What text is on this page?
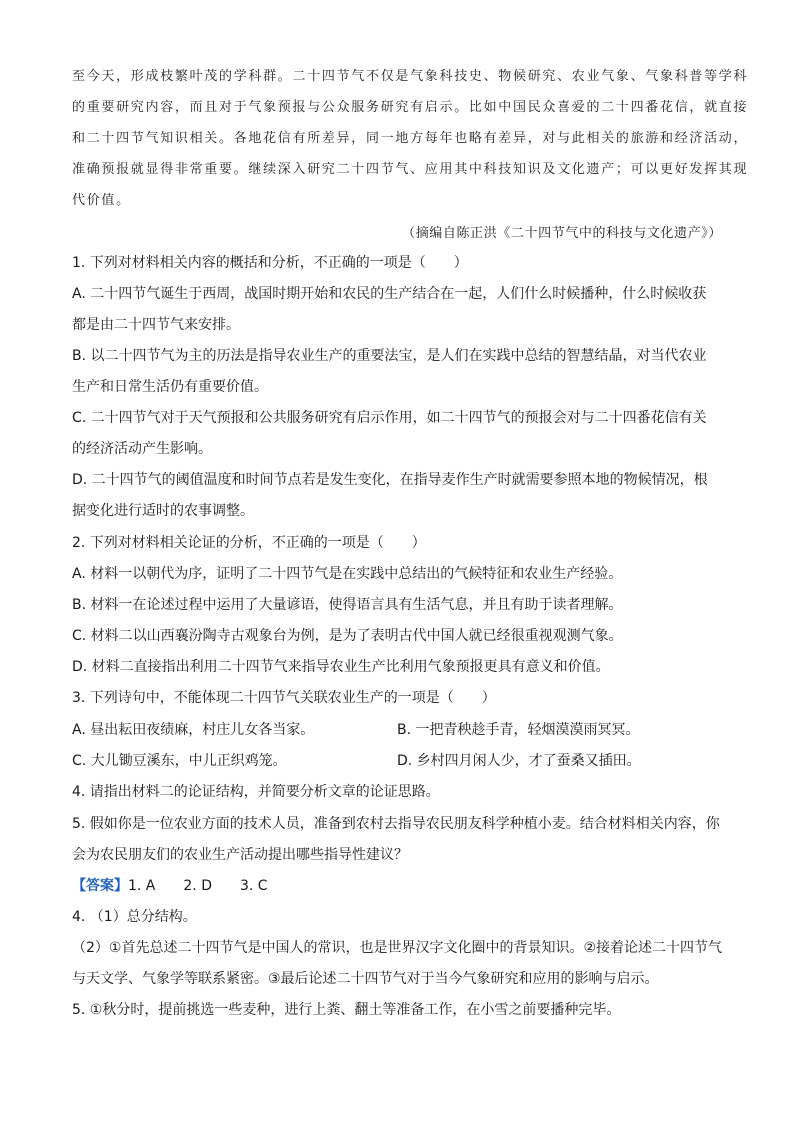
至今天，形成枝繁叶茂的学科群。二十四节气不仅是气象科技史、物候研究、农业气象、气象科普等学科
的重要研究内容，而且对于气象预报与公众服务研究有启示。比如中国民众喜爱的二十四番花信，就直接
和二十四节气知识相关。各地花信有所差异，同一地方每年也略有差异，对与此相关的旅游和经济活动，
准确预报就显得非常重要。继续深入研究二十四节气、应用其中科技知识及文化遗产；可以更好发挥其现
代价值。
（摘编自陈正洪《二十四节气中的科技与文化遗产》）
1. 下列对材料相关内容的概括和分析，不正确的一项是（　　）
A. 二十四节气诞生于西周，战国时期开始和农民的生产结合在一起，人们什么时候播种，什么时候收获
都是由二十四节气来安排。
B. 以二十四节气为主的历法是指导农业生产的重要法宝，是人们在实践中总结的智慧结晶，对当代农业
生产和日常生活仍有重要价值。
C. 二十四节气对于天气预报和公共服务研究有启示作用，如二十四节气的预报会对与二十四番花信有关
的经济活动产生影响。
D. 二十四节气的阈值温度和时间节点若是发生变化，在指导麦作生产时就需要参照本地的物候情况，根
据变化进行适时的农事调整。
2. 下列对材料相关论证的分析，不正确的一项是（　　）
A. 材料一以朝代为序，证明了二十四节气是在实践中总结出的气候特征和农业生产经验。
B. 材料一在论述过程中运用了大量谚语，使得语言具有生活气息，并且有助于读者理解。
C. 材料二以山西襄汾陶寺古观象台为例，是为了表明古代中国人就已经很重视观测气象。
D. 材料二直接指出利用二十四节气来指导农业生产比利用气象预报更具有意义和价值。
3. 下列诗句中，不能体现二十四节气关联农业生产的一项是（　　）
A. 昼出耘田夜绩麻，村庄儿女各当家。	B. 一把青秧趁手青，轻烟漠漠雨冥冥。
C. 大儿锄豆溪东，中儿正织鸡笼。	D. 乡村四月闲人少，才了蚕桑又插田。
4. 请指出材料二的论证结构，并简要分析文章的论证思路。
5. 假如你是一位农业方面的技术人员，准备到农村去指导农民朋友科学种植小麦。结合材料相关内容，你
会为农民朋友们的农业生产活动提出哪些指导性建议？
【答案】1. A　　2. D　　3. C
4. （1）总分结构。
（2）①首先总述二十四节气是中国人的常识，也是世界汉字文化圈中的背景知识。②接着论述二十四节气
与天文学、气象学等联系紧密。③最后论述二十四节气对于当今气象研究和应用的影响与启示。
5. ①秋分时，提前挑选一些麦种，进行上粪、翻土等准备工作，在小雪之前要播种完毕。
